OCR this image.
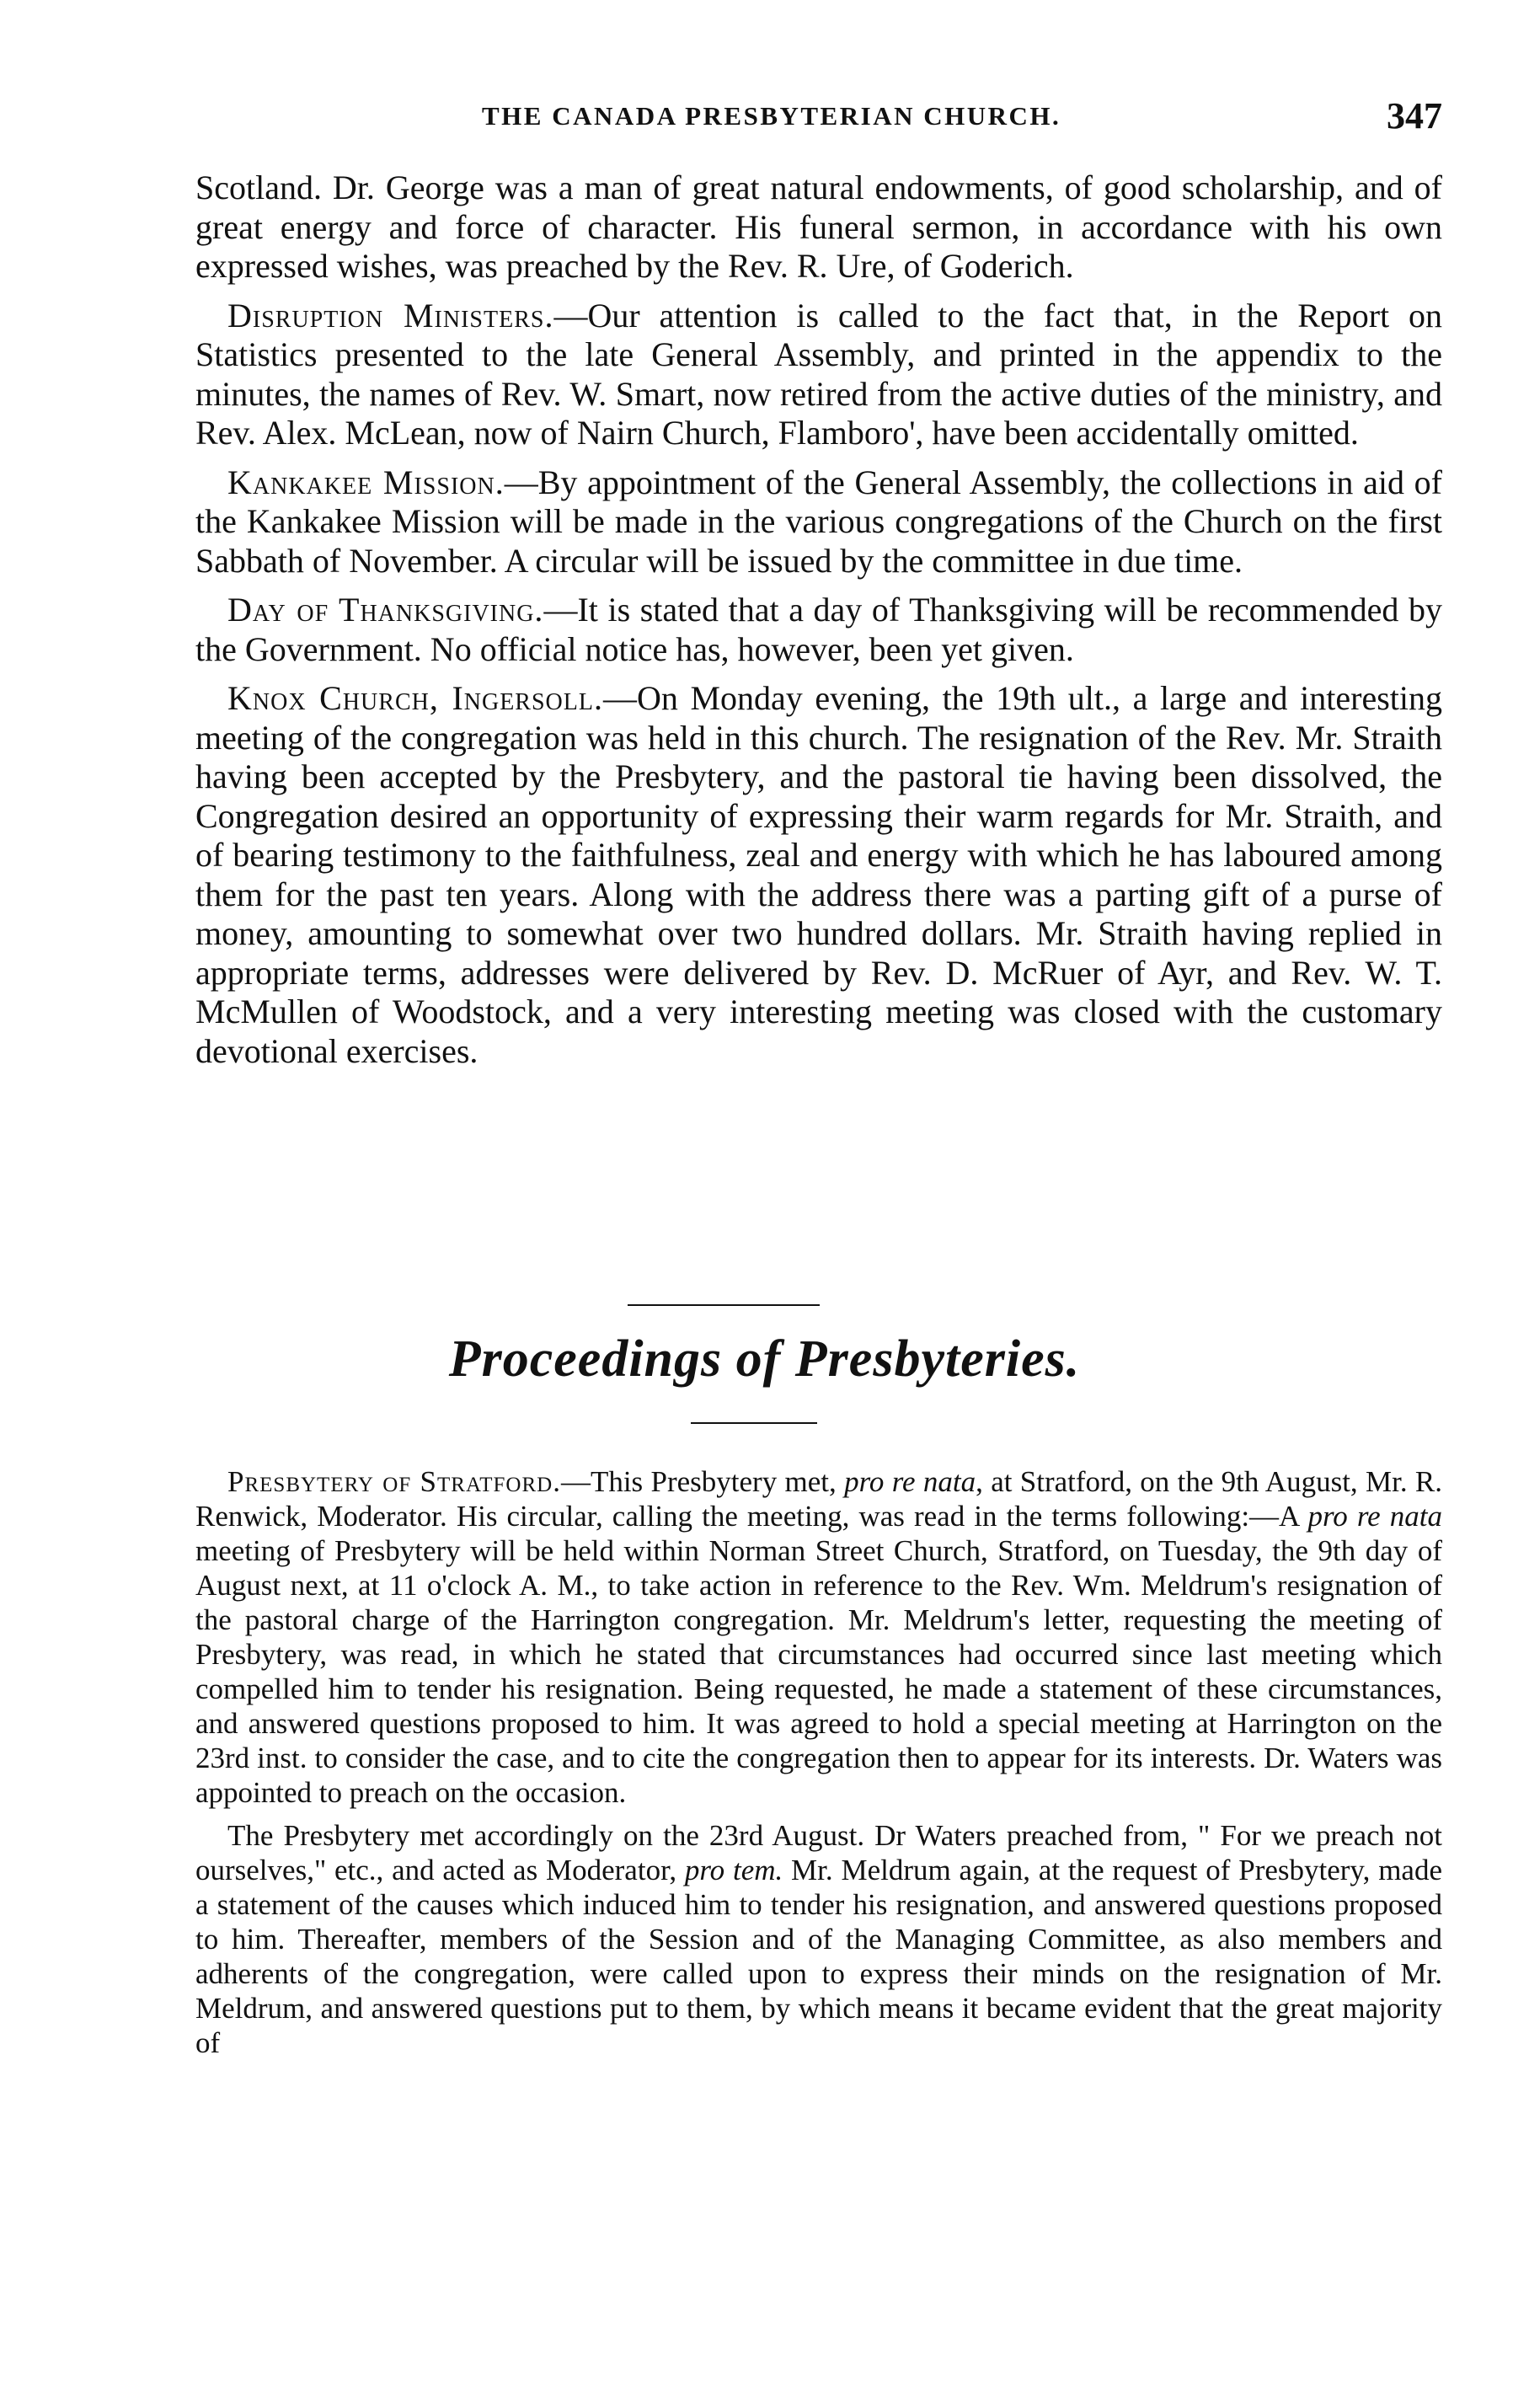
THE CANADA PRESBYTERIAN CHURCH.	347

Scotland. Dr. George was a man of great natural endowments, of good scholarship, and of great energy and force of character. His funeral sermon, in accordance with his own expressed wishes, was preached by the Rev. R. Ure, of Goderich.

Disruption Ministers.—Our attention is called to the fact that, in the Report on Statistics presented to the late General Assembly, and printed in the appendix to the minutes, the names of Rev. W. Smart, now retired from the active duties of the ministry, and Rev. Alex. McLean, now of Nairn Church, Flamboro', have been accidentally omitted.

Kankakee Mission.—By appointment of the General Assembly, the collections in aid of the Kankakee Mission will be made in the various congregations of the Church on the first Sabbath of November. A circular will be issued by the committee in due time.

Day of Thanksgiving.—It is stated that a day of Thanksgiving will be recommended by the Government. No official notice has, however, been yet given.

Knox Church, Ingersoll.—On Monday evening, the 19th ult., a large and interesting meeting of the congregation was held in this church. The resignation of the Rev. Mr. Straith having been accepted by the Presbytery, and the pastoral tie having been dissolved, the Congregation desired an opportunity of expressing their warm regards for Mr. Straith, and of bearing testimony to the faithfulness, zeal and energy with which he has laboured among them for the past ten years. Along with the address there was a parting gift of a purse of money, amounting to somewhat over two hundred dollars. Mr. Straith having replied in appropriate terms, addresses were delivered by Rev. D. McRuer of Ayr, and Rev. W. T. McMullen of Woodstock, and a very interesting meeting was closed with the customary devotional exercises.

Proceedings of Presbyteries.

Presbytery of Stratford.—This Presbytery met, pro re nata, at Stratford, on the 9th August, Mr. R. Renwick, Moderator. His circular, calling the meeting, was read in the terms following:—A pro re nata meeting of Presbytery will be held within Norman Street Church, Stratford, on Tuesday, the 9th day of August next, at 11 o'clock A. M., to take action in reference to the Rev. Wm. Meldrum's resignation of the pastoral charge of the Harrington congregation. Mr. Meldrum's letter, requesting the meeting of Presbytery, was read, in which he stated that circumstances had occurred since last meeting which compelled him to tender his resignation. Being requested, he made a statement of these circumstances, and answered questions proposed to him. It was agreed to hold a special meeting at Harrington on the 23rd inst. to consider the case, and to cite the congregation then to appear for its interests. Dr. Waters was appointed to preach on the occasion.

The Presbytery met accordingly on the 23rd August. Dr Waters preached from, " For we preach not ourselves," etc., and acted as Moderator, pro tem. Mr. Meldrum again, at the request of Presbytery, made a statement of the causes which induced him to tender his resignation, and answered questions proposed to him. Thereafter, members of the Session and of the Managing Committee, as also members and adherents of the congregation, were called upon to express their minds on the resignation of Mr. Meldrum, and answered questions put to them, by which means it became evident that the great majority of
